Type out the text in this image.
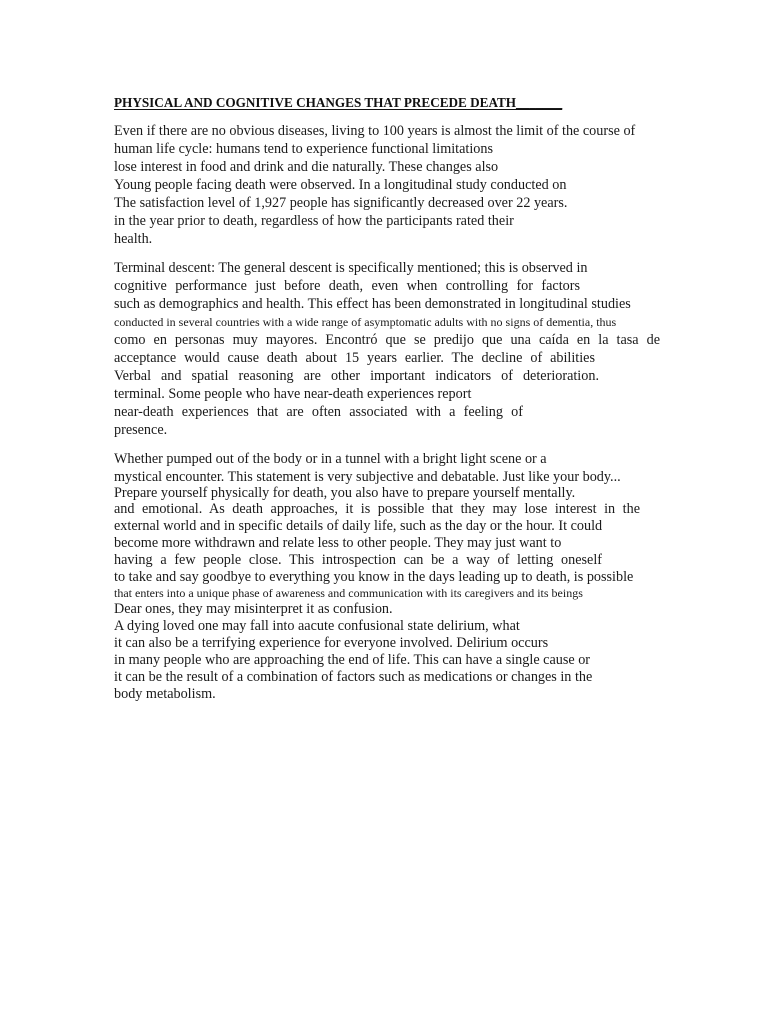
PHYSICAL AND COGNITIVE CHANGES THAT PRECEDE DEATH_______
Even if there are no obvious diseases, living to 100 years is almost the limit of the course of
human life cycle: humans tend to experience functional limitations
lose interest in food and drink and die naturally. These changes also
Young people facing death were observed. In a longitudinal study conducted on
The satisfaction level of 1,927 people has significantly decreased over 22 years.
in the year prior to death, regardless of how the participants rated their
health.
Terminal descent: The general descent is specifically mentioned; this is observed in
cognitive performance just before death, even when controlling for factors
such as demographics and health. This effect has been demonstrated in longitudinal studies
conducted in several countries with a wide range of asymptomatic adults with no signs of dementia, thus
como en personas muy mayores. Encontró que se predijo que una caída en la tasa de
acceptance would cause death about 15 years earlier. The decline of abilities
Verbal and spatial reasoning are other important indicators of deterioration.
terminal. Some people who have near-death experiences report
near-death experiences that are often associated with a feeling of
presence.
Whether pumped out of the body or in a tunnel with a bright light scene or a
mystical encounter. This statement is very subjective and debatable. Just like your body...
Prepare yourself physically for death, you also have to prepare yourself mentally.
and emotional. As death approaches, it is possible that they may lose interest in the
external world and in specific details of daily life, such as the day or the hour. It could
become more withdrawn and relate less to other people. They may just want to
having a few people close. This introspection can be a way of letting oneself
to take and say goodbye to everything you know in the days leading up to death, is possible
that enters into a unique phase of awareness and communication with its caregivers and its beings
Dear ones, they may misinterpret it as confusion.
A dying loved one may fall into aacute confusional state delirium, what
it can also be a terrifying experience for everyone involved. Delirium occurs
in many people who are approaching the end of life. This can have a single cause or
it can be the result of a combination of factors such as medications or changes in the
body metabolism.
